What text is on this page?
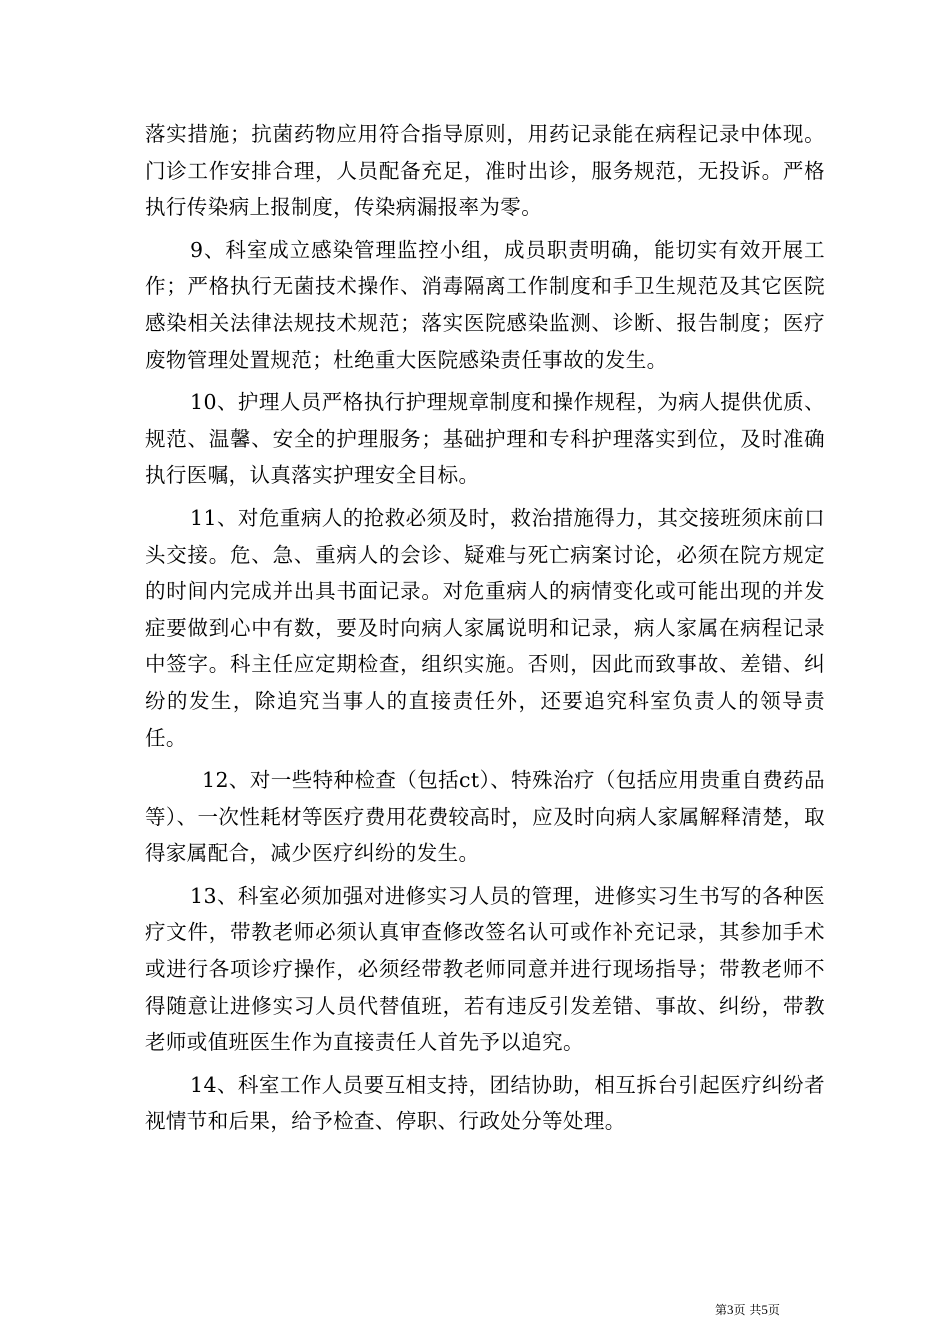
落实措施；抗菌药物应用符合指导原则，用药记录能在病程记录中体现。门诊工作安排合理，人员配备充足，准时出诊，服务规范，无投诉。严格执行传染病上报制度，传染病漏报率为零。

9、科室成立感染管理监控小组，成员职责明确，能切实有效开展工作；严格执行无菌技术操作、消毒隔离工作制度和手卫生规范及其它医院感染相关法律法规技术规范；落实医院感染监测、诊断、报告制度；医疗废物管理处置规范；杜绝重大医院感染责任事故的发生。

10、护理人员严格执行护理规章制度和操作规程，为病人提供优质、规范、温馨、安全的护理服务；基础护理和专科护理落实到位，及时准确执行医嘱，认真落实护理安全目标。

11、对危重病人的抢救必须及时，救治措施得力，其交接班须床前口头交接。危、急、重病人的会诊、疑难与死亡病案讨论，必须在院方规定的时间内完成并出具书面记录。对危重病人的病情变化或可能出现的并发症要做到心中有数，要及时向病人家属说明和记录，病人家属在病程记录中签字。科主任应定期检查，组织实施。否则，因此而致事故、差错、纠纷的发生，除追究当事人的直接责任外，还要追究科室负责人的领导责任。

12、对一些特种检查（包括ct）、特殊治疗（包括应用贵重自费药品等）、一次性耗材等医疗费用花费较高时，应及时向病人家属解释清楚，取得家属配合，减少医疗纠纷的发生。

13、科室必须加强对进修实习人员的管理，进修实习生书写的各种医疗文件，带教老师必须认真审查修改签名认可或作补充记录，其参加手术或进行各项诊疗操作，必须经带教老师同意并进行现场指导；带教老师不得随意让进修实习人员代替值班，若有违反引发差错、事故、纠纷，带教老师或值班医生作为直接责任人首先予以追究。

14、科室工作人员要互相支持，团结协助，相互拆台引起医疗纠纷者视情节和后果，给予检查、停职、行政处分等处理。

第3页 共5页
